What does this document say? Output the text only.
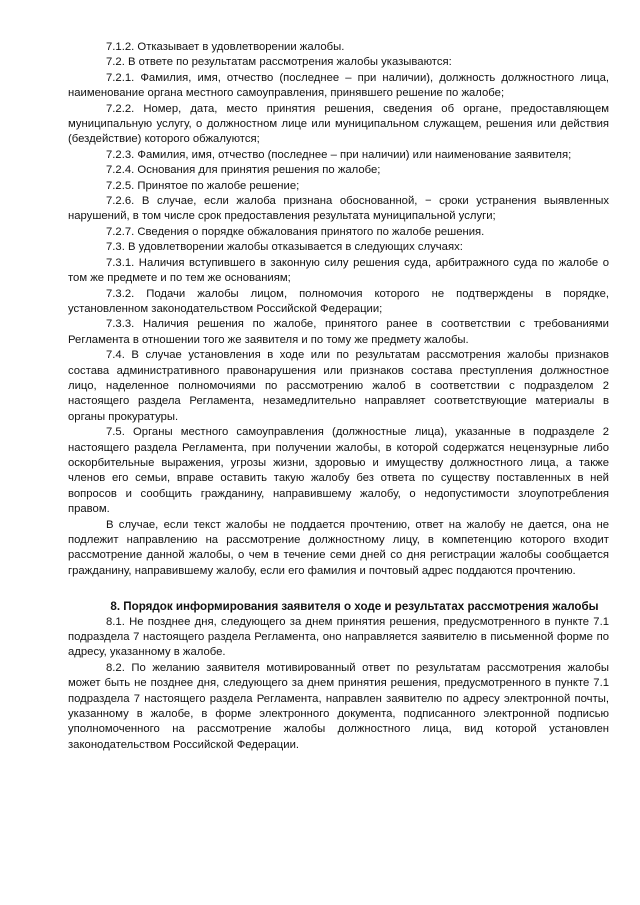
7.1.2. Отказывает в удовлетворении жалобы.

7.2. В ответе по результатам рассмотрения жалобы указываются:

7.2.1. Фамилия, имя, отчество (последнее – при наличии), должность должностного лица, наименование органа местного самоуправления, принявшего решение по жалобе;

7.2.2. Номер, дата, место принятия решения, сведения об органе, предоставляющем муниципальную услугу, о должностном лице или муниципальном служащем, решения или действия (бездействие) которого обжалуются;

7.2.3. Фамилия, имя, отчество (последнее – при наличии) или наименование заявителя;

7.2.4. Основания для принятия решения по жалобе;

7.2.5. Принятое по жалобе решение;

7.2.6. В случае, если жалоба признана обоснованной, − сроки устранения выявленных нарушений, в том числе срок предоставления результата муниципальной услуги;

7.2.7. Сведения о порядке обжалования принятого по жалобе решения.

7.3. В удовлетворении жалобы отказывается в следующих случаях:

7.3.1. Наличия вступившего в законную силу решения суда, арбитражного суда по жалобе о том же предмете и по тем же основаниям;

7.3.2. Подачи жалобы лицом, полномочия которого не подтверждены в порядке, установленном законодательством Российской Федерации;

7.3.3. Наличия решения по жалобе, принятого ранее в соответствии с требованиями Регламента в отношении того же заявителя и по тому же предмету жалобы.

7.4. В случае установления в ходе или по результатам рассмотрения жалобы признаков состава административного правонарушения или признаков состава преступления должностное лицо, наделенное полномочиями по рассмотрению жалоб в соответствии с подразделом 2 настоящего раздела Регламента, незамедлительно направляет соответствующие материалы в органы прокуратуры.

7.5. Органы местного самоуправления (должностные лица), указанные в подразделе 2 настоящего раздела Регламента, при получении жалобы, в которой содержатся нецензурные либо оскорбительные выражения, угрозы жизни, здоровью и имуществу должностного лица, а также членов его семьи, вправе оставить такую жалобу без ответа по существу поставленных в ней вопросов и сообщить гражданину, направившему жалобу, о недопустимости злоупотребления правом.

В случае, если текст жалобы не поддается прочтению, ответ на жалобу не дается, она не подлежит направлению на рассмотрение должностному лицу, в компетенцию которого входит рассмотрение данной жалобы, о чем в течение семи дней со дня регистрации жалобы сообщается гражданину, направившему жалобу, если его фамилия и почтовый адрес поддаются прочтению.

8. Порядок информирования заявителя о ходе и результатах рассмотрения жалобы

8.1. Не позднее дня, следующего за днем принятия решения, предусмотренного в пункте 7.1 подраздела 7 настоящего раздела Регламента, оно направляется заявителю в письменной форме по адресу, указанному в жалобе.

8.2. По желанию заявителя мотивированный ответ по результатам рассмотрения жалобы может быть не позднее дня, следующего за днем принятия решения, предусмотренного в пункте 7.1 подраздела 7 настоящего раздела Регламента, направлен заявителю по адресу электронной почты, указанному в жалобе, в форме электронного документа, подписанного электронной подписью уполномоченного на рассмотрение жалобы должностного лица, вид которой установлен законодательством Российской Федерации.
